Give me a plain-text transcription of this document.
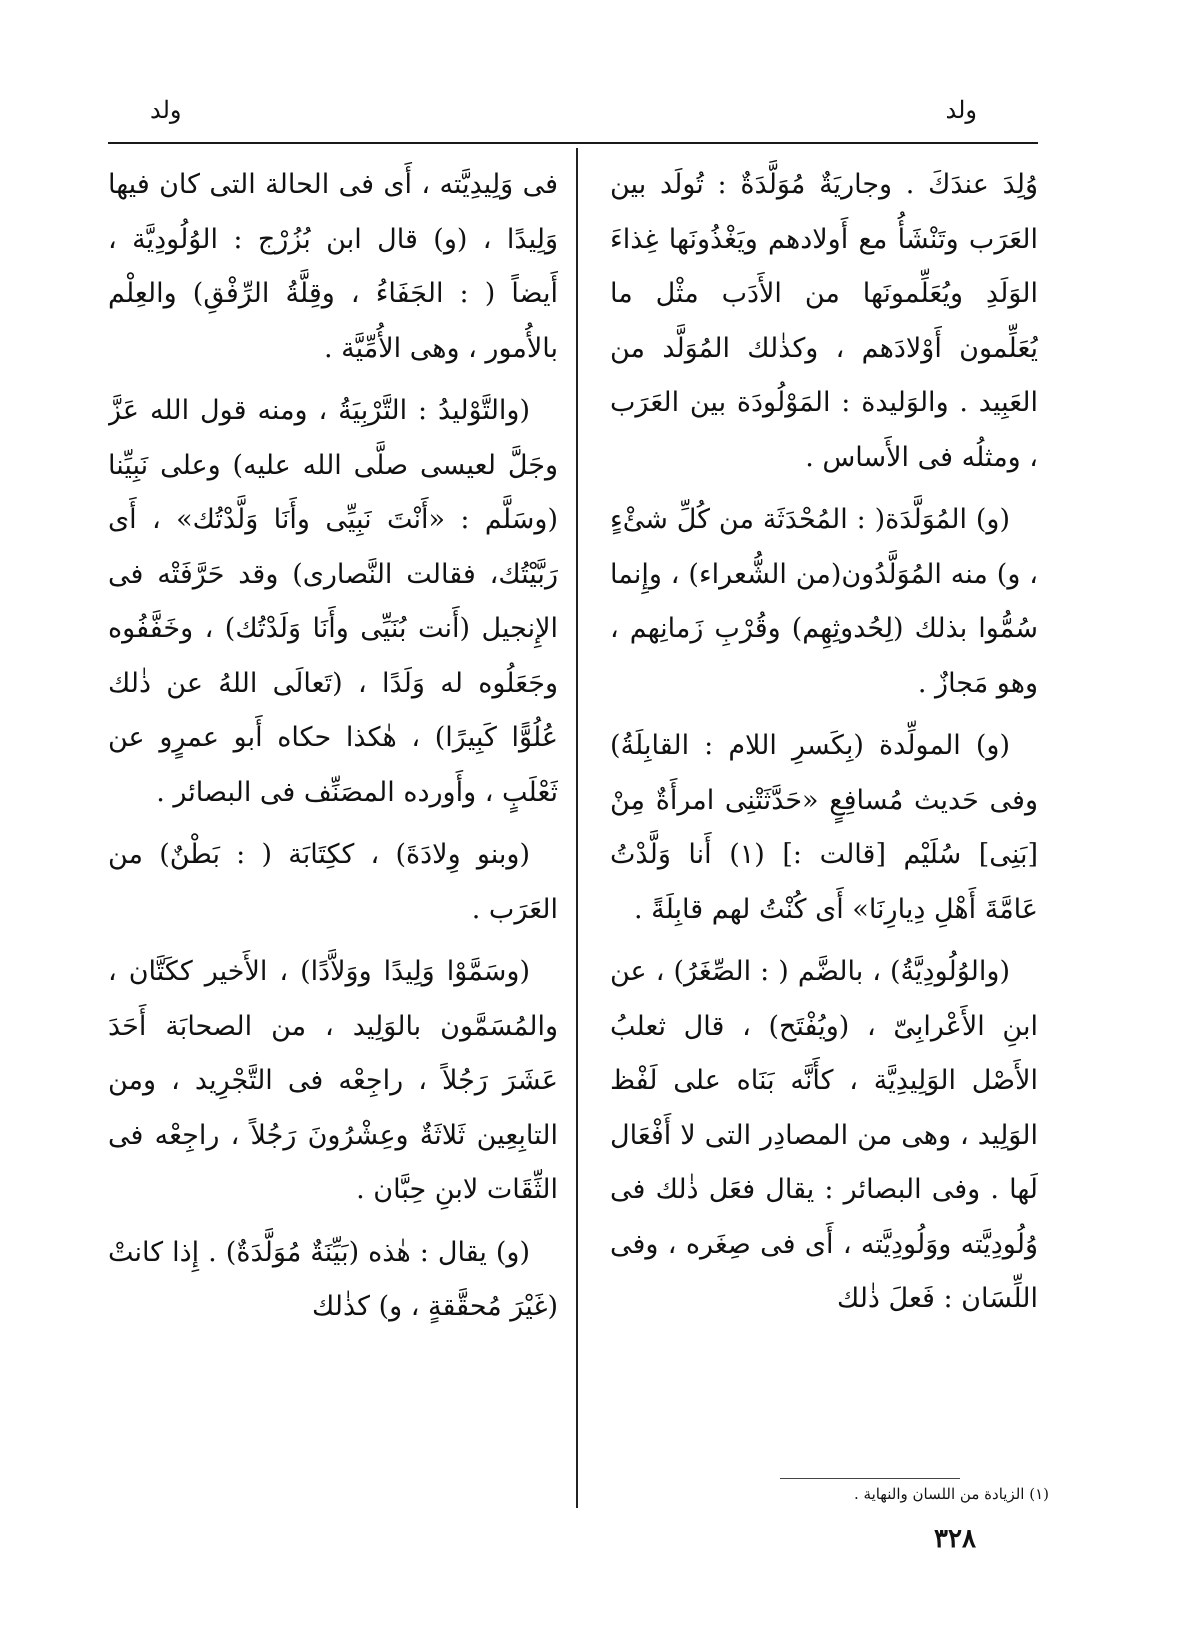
ولد
ولد

وُلِدَ عندَكَ . وجاريَةٌ مُوَلَّدَةٌ : تُولَد بين العَرَب وتَنْشَأُ مع أَولادهم ويَغْذُونَها غِذاءَ الوَلَدِ ويُعَلِّمونَها من الأَدَب مثْل ما يُعَلِّمون أَوْلادَهم ، وكذٰلك المُوَلَّد من العَبِيد . والوَليدة : المَوْلُودَة بين العَرَب ، ومثلُه فى الأَساس .

(و) المُوَلَّدَة( : المُحْدَثَة من كُلِّ شئْءٍ ، و) منه المُوَلَّدُون(من الشُّعراء) ، وإِنما سُمُّوا بذلك (لِحُدوثِهِم) وقُرْبِ زَمانِهم ، وهو مَجازٌ .

(و) المولِّدة (بِكَسرِ اللام : القابِلَةُ) وفى حَديث مُسافِعٍ «حَدَّثَتْنِى امرأَةٌ مِنْ [بَنِى] سُلَيْم [قالت :] (١) أَنا وَلَّدْتُ عَامَّةَ أَهْلِ دِيارِنَا» أَى كُنْتُ لهم قابِلَةً .

(والوُلُودِيَّةُ) ، بالضَّم ( : الصِّغَرُ) ، عن ابنِ الأَعْرابِىّ ، (ويُفْتَح) ، قال ثعلبُ الأَصْل الوَلِيدِيَّة ، كأَنَّه بَنَاه على لَفْظ الوَلِيد ، وهى من المصادِر التى لا أَفْعَال لَها . وفى البصائر : يقال فعَل ذٰلك فى وُلُودِيَّته ووَلُودِيَّته ، أَى فى صِغَره ، وفى اللِّسَان : فَعلَ ذٰلك

فى وَلِيدِيَّته ، أَى فى الحالة التى كان فيها وَلِيدًا ، (و) قال ابن بُزُرْج : الوُلُودِيَّة ، أَيضاً ( : الجَفَاءُ ، وقِلَّةُ الرِّفْقِ) والعِلْم بالأُمور ، وهى الأُمِّيَّة .

(والتَّوْليدُ : التَّرْبِيَةُ ، ومنه قول الله عَزَّ وجَلَّ لعيسى صلَّى الله عليه) وعلى نَبِيِّنا (وسَلَّم : «أَنْتَ نَبِيِّى وأَنَا وَلَّدْتُك» ، أَى رَبَّيْتُك، فقالت النَّصارى) وقد حَرَّفَتْه فى الإِنجيل (أَنت بُنَيِّى وأَنَا وَلَدْتُك) ، وخَفَّفُوه وجَعَلُوه له وَلَدًا ، (تَعالَى اللهُ عن ذٰلك عُلُوًّا كَبِيرًا) ، هٰكذا حكاه أَبو عمرٍو عن ثَعْلَبٍ ، وأَورده المصَنِّف فى البصائر .

(وبنو وِلادَةَ) ، ككِتَابَة ( : بَطْنٌ) من العَرَب .

(وسَمَّوْا وَلِيدًا ووَلاَّدًا) ، الأَخير ككَتَّان ، والمُسَمَّون بالوَلِيد ، من الصحابَة أَحَدَ عَشَرَ رَجُلاً ، راجِعْه فى التَّجْرِيد ، ومن التابِعِين ثَلاثَةٌ وعِشْرُونَ رَجُلاً ، راجِعْه فى الثِّقَات لابنِ حِبَّان .

(و) يقال : هٰذه (بَيِّنَةٌ مُوَلَّدَةٌ) . إِذا كانتْ (غَيْرَ مُحقَّقةٍ ، و) كذٰلك

(١) الزيادة من اللسان والنهاية .
٣٢٨
